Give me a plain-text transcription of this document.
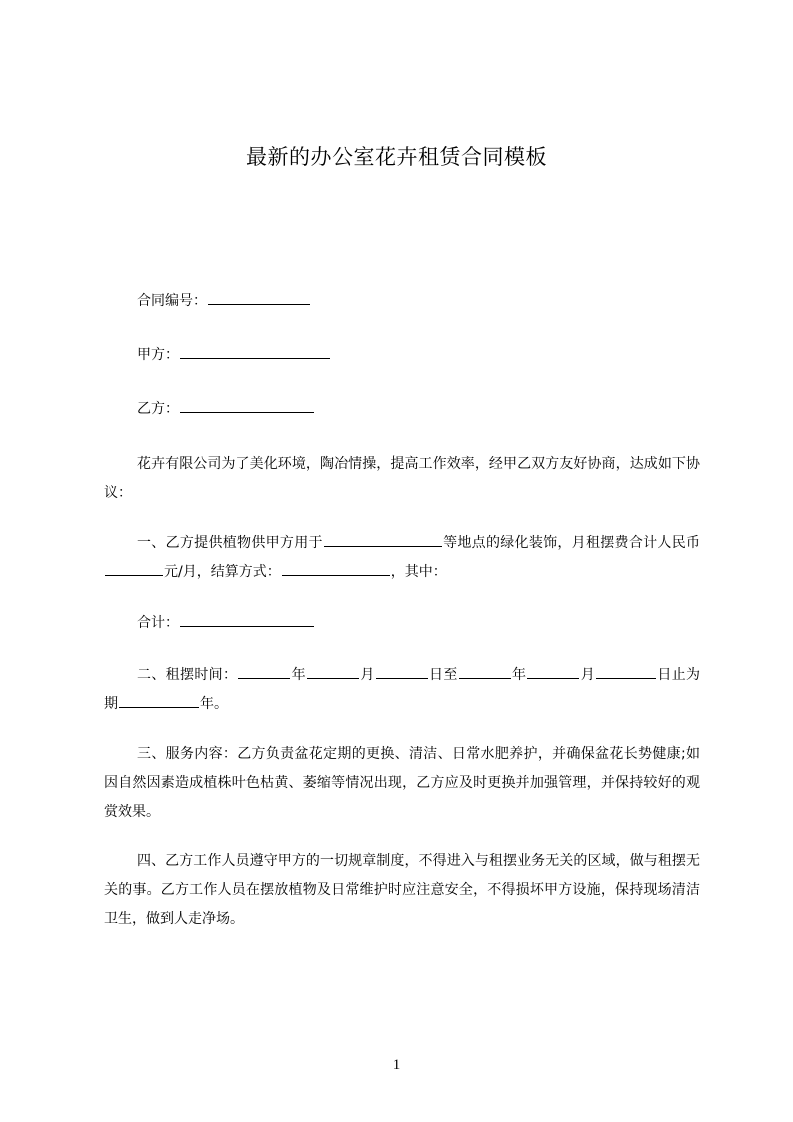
最新的办公室花卉租赁合同模板
合同编号：
甲方：
乙方：
花卉有限公司为了美化环境，陶冶情操，提高工作效率，经甲乙双方友好协商，达成如下协议：
一、乙方提供植物供甲方用于	等地点的绿化装饰，月租摆费合计人民币元/月，结算方式：	，其中：
合计：
二、租摆时间：	年	月	日至	年	月	日止为期	年。
三、服务内容：乙方负责盆花定期的更换、清洁、日常水肥养护，并确保盆花长势健康;如因自然因素造成植株叶色枯黄、萎缩等情况出现，乙方应及时更换并加强管理，并保持较好的观赏效果。
四、乙方工作人员遵守甲方的一切规章制度，不得进入与租摆业务无关的区域，做与租摆无关的事。乙方工作人员在摆放植物及日常维护时应注意安全，不得损坏甲方设施，保持现场清洁卫生，做到人走净场。
1
